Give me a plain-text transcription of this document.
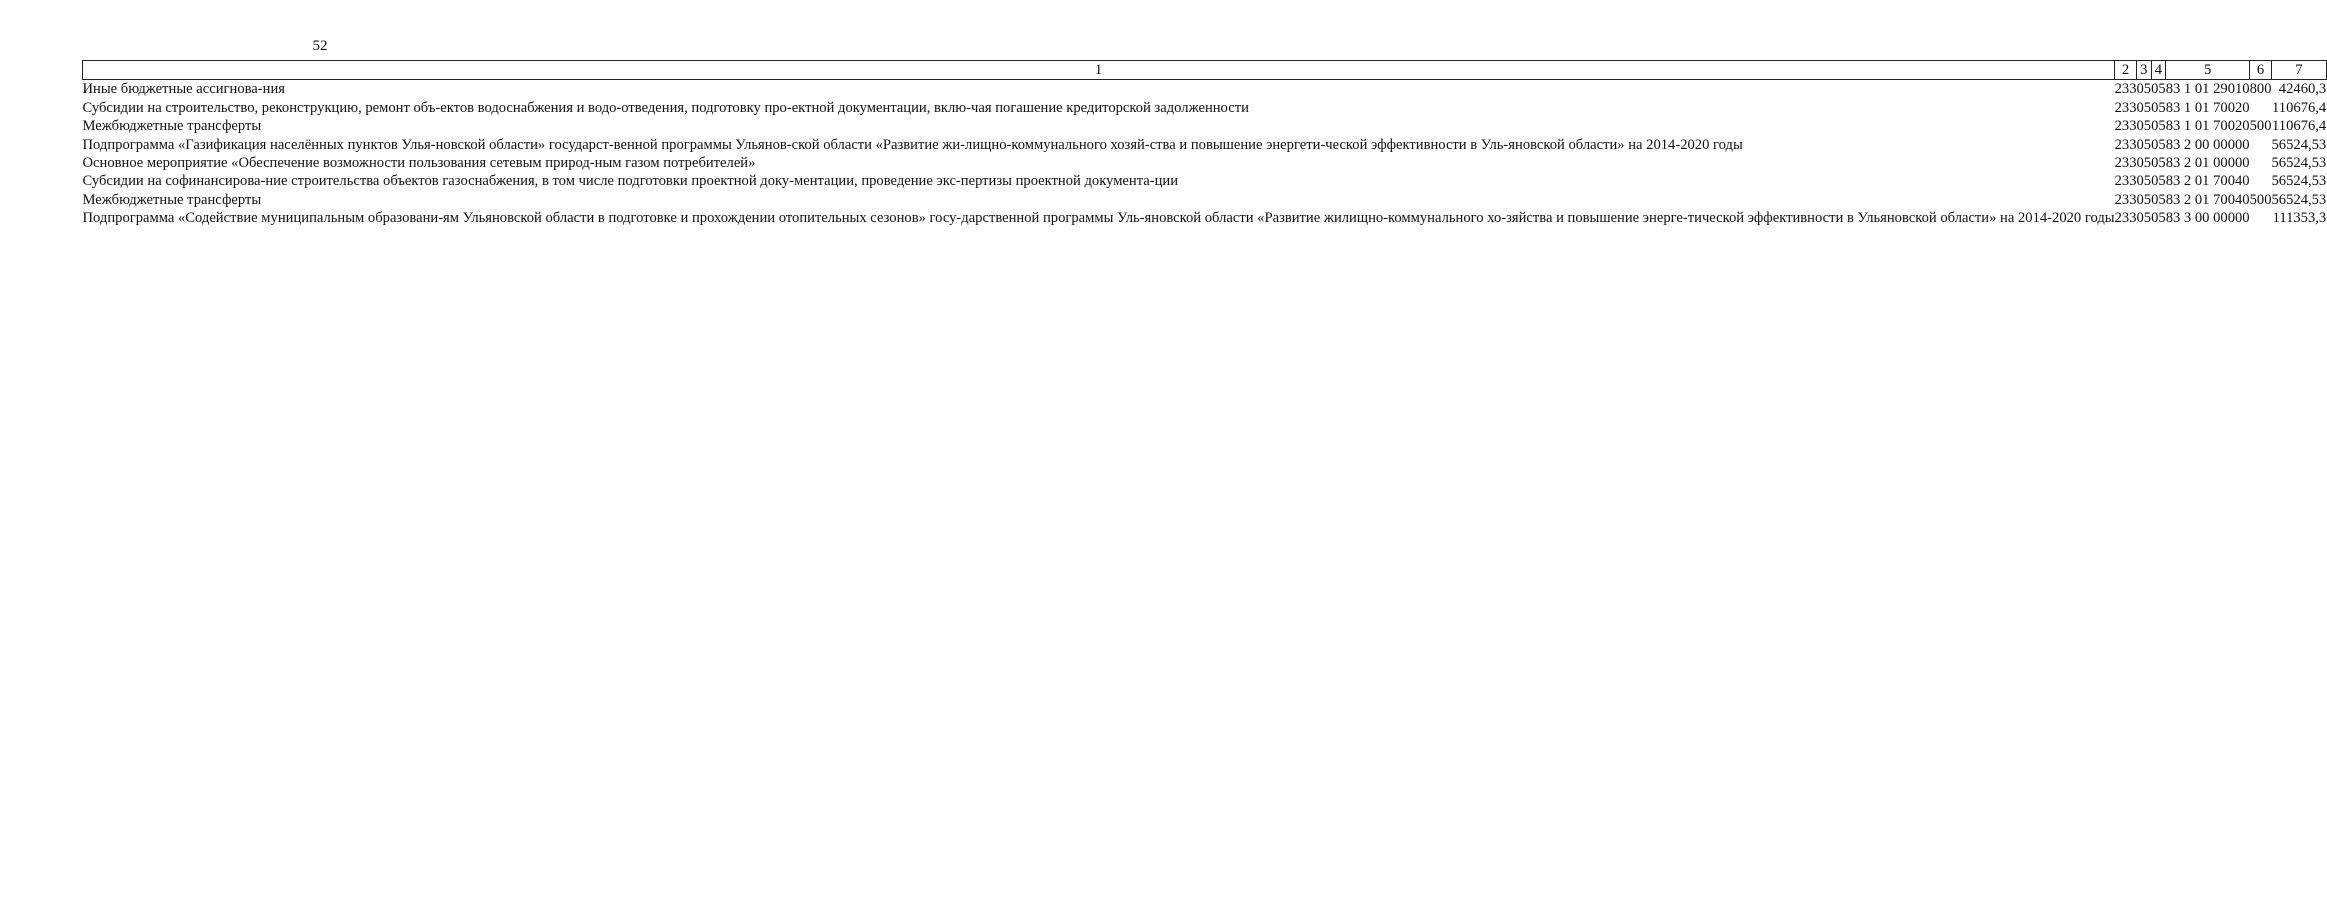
52
1	2	3	4	5	6	7
Иные бюджетные ассигнова-ния	233	05	05	83 1 01 29010	800	42460,3
Субсидии на строительство, реконструкцию, ремонт объ-ектов водоснабжения и водо-отведения, подготовку про-ектной документации, вклю-чая погашение кредиторской задолженности	233	05	05	83 1 01 70020		110676,4
Межбюджетные трансферты	233	05	05	83 1 01 70020	500	110676,4
Подпрограмма «Газификация населённых пунктов Улья-новской области» государст-венной программы Ульянов-ской области «Развитие жи-лищно-коммунального хозяй-ства и повышение энергети-ческой эффективности в Уль-яновской области» на 2014-2020 годы	233	05	05	83 2 00 00000		56524,53
Основное мероприятие «Обеспечение возможности пользования сетевым природ-ным газом потребителей»	233	05	05	83 2 01 00000		56524,53
Субсидии на софинансирова-ние строительства объектов газоснабжения, в том числе подготовки проектной доку-ментации, проведение экс-пертизы проектной документа-ции	233	05	05	83 2 01 70040		56524,53
Межбюджетные трансферты	233	05	05	83 2 01 70040	500	56524,53
Подпрограмма «Содействие муниципальным образовани-ям Ульяновской области в подготовке и прохождении отопительных сезонов» госу-дарственной программы Уль-яновской области «Развитие жилищно-коммунального хо-зяйства и повышение энерге-тической эффективности в Ульяновской области» на 2014-2020 годы	233	05	05	83 3 00 00000		111353,3
